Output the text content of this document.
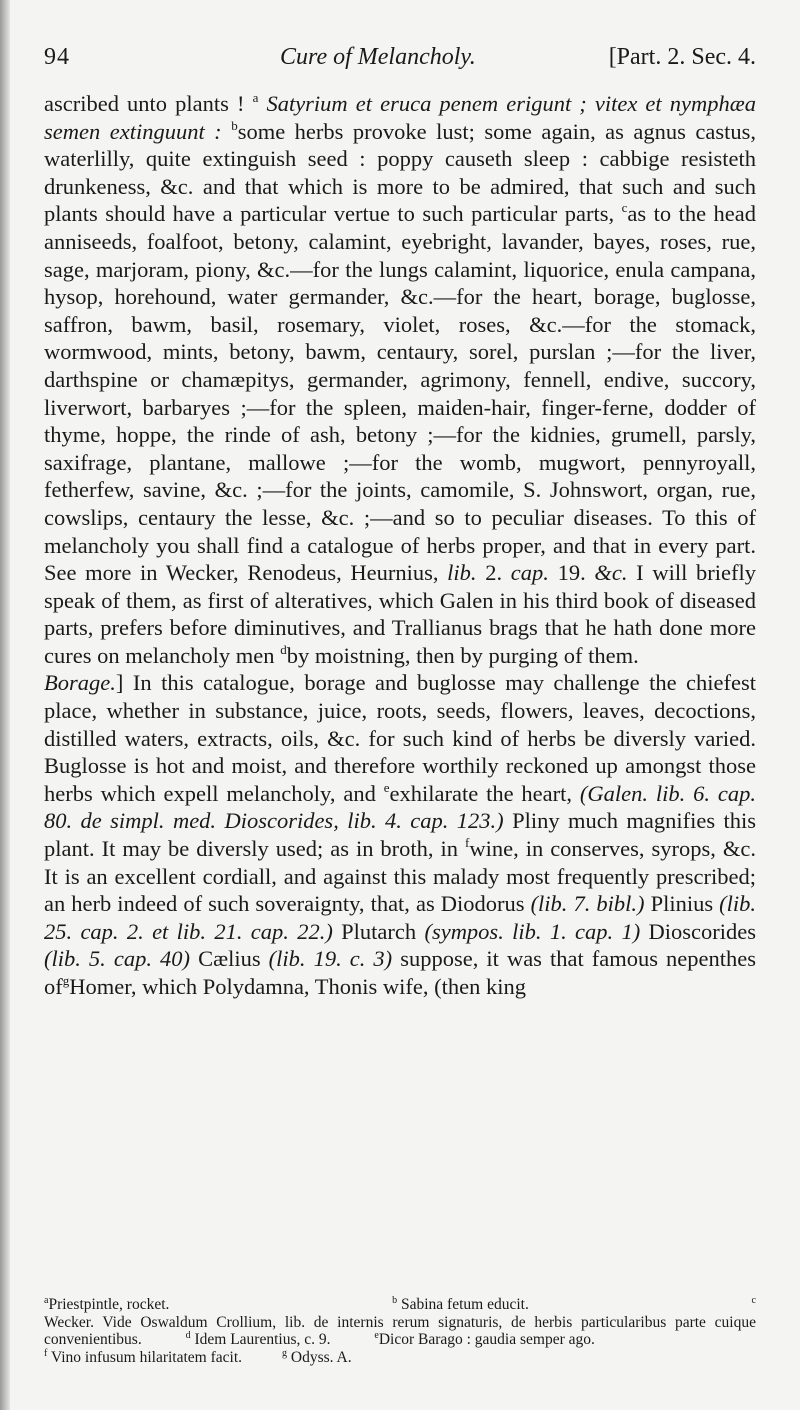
94	Cure of Melancholy.	[Part. 2. Sec. 4.

ascribed unto plants ! $^a$ Satyrium et eruca penem erigunt ; vitex et nymphæa semen extinguunt : $^b$some herbs provoke lust; some again, as agnus castus, waterlilly, quite extinguish seed : poppy causeth sleep : cabbige resisteth drunkeness, &c. and that which is more to be admired, that such and such plants should have a particular vertue to such particular parts, $^c$as to the head anniseeds, foalfoot, betony, calamint, eyebright, lavander, bayes, roses, rue, sage, marjoram, piony, &c.—for the lungs calamint, liquorice, enula campana, hysop, horehound, water germander, &c.—for the heart, borage, buglosse, saffron, bawm, basil, rosemary, violet, roses, &c.—for the stomack, wormwood, mints, betony, bawm, centaury, sorel, purslan ;—for the liver, darthspine or chamæpitys, germander, agrimony, fennell, endive, succory, liverwort, barbaryes ;—for the spleen, maiden-hair, finger-ferne, dodder of thyme, hoppe, the rinde of ash, betony ;—for the kidnies, grumell, parsly, saxifrage, plantane, mallowe ;—for the womb, mugwort, pennyroyall, fetherfew, savine, &c. ;—for the joints, camomile, S. Johnswort, organ, rue, cowslips, centaury the lesse, &c. ;—and so to peculiar diseases. To this of melancholy you shall find a catalogue of herbs proper, and that in every part. See more in Wecker, Renodeus, Heurnius, lib. 2. cap. 19. &c. I will briefly speak of them, as first of alteratives, which Galen in his third book of diseased parts, prefers before diminutives, and Trallianus brags that he hath done more cures on melancholy men $^d$by moistning, then by purging of them.

Borage.] In this catalogue, borage and buglosse may challenge the chiefest place, whether in substance, juice, roots, seeds, flowers, leaves, decoctions, distilled waters, extracts, oils, &c. for such kind of herbs be diversly varied. Buglosse is hot and moist, and therefore worthily reckoned up amongst those herbs which expell melancholy, and $^e$exhilarate the heart, (Galen. lib. 6. cap. 80. de simpl. med. Dioscorides, lib. 4. cap. 123.) Pliny much magnifies this plant. It may be diversly used; as in broth, in $^f$wine, in conserves, syrops, &c. It is an excellent cordiall, and against this malady most frequently prescribed; an herb indeed of such soveraignty, that, as Diodorus (lib. 7. bibl.) Plinius (lib. 25. cap. 2. et lib. 21. cap. 22.) Plutarch (sympos. lib. 1. cap. 1) Dioscorides (lib. 5. cap. 40) Cælius (lib. 19. c. 3) suppose, it was that famous nepenthes $of^gHomer$, which Polydamna, Thonis wife, (then king

$^a$Priestpintle, rocket.	$^b$ Sabina fetum educit.	$^c$
Wecker. Vide Oswaldum Crollium, lib. de internis rerum signaturis, de herbis particularibus parte cuique convenientibus.	$^d$ Idem Laurentius, c. 9.	$^e$Dicor Barago : gaudia semper ago.
$^f$ Vino infusum hilaritatem facit.	$^g$ Odyss. A.
